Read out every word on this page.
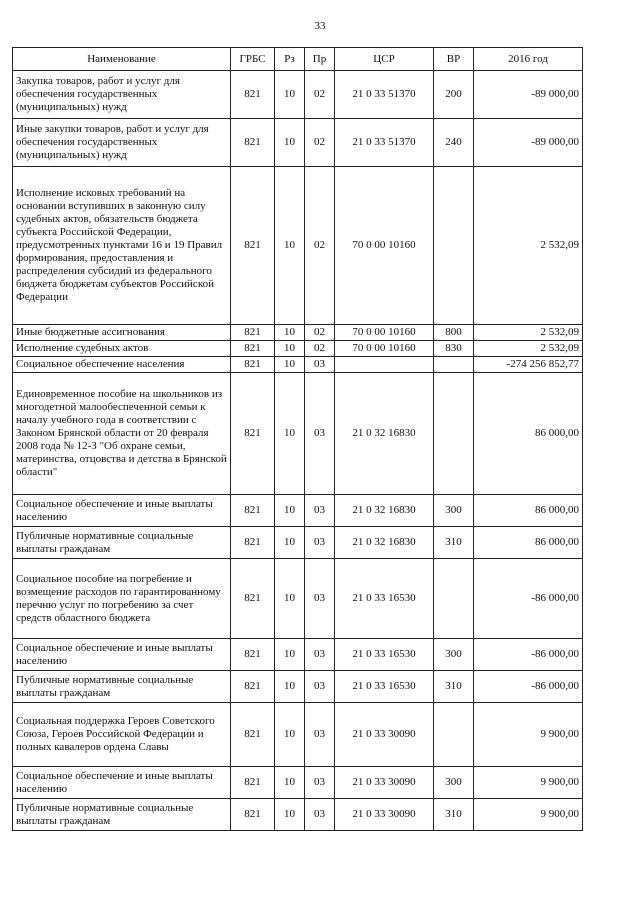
33
Наименование	ГРБС	Рз	Пр	ЦСР	ВР	2016 год
Закупка товаров, работ и услуг для обеспечения государственных (муниципальных) нужд	821	10	02	21 0 33 51370	200	-89 000,00
Иные закупки товаров, работ и услуг для обеспечения государственных (муниципальных) нужд	821	10	02	21 0 33 51370	240	-89 000,00
Исполнение исковых требований на основании вступивших в законную силу судебных актов, обязательств бюджета субъекта Российской Федерации, предусмотренных пунктами 16 и 19 Правил формирования, предоставления и распределения субсидий из федерального бюджета бюджетам субъектов Российской Федерации	821	10	02	70 0 00 10160		2 532,09
Иные бюджетные ассигнования	821	10	02	70 0 00 10160	800	2 532,09
Исполнение судебных актов	821	10	02	70 0 00 10160	830	2 532,09
Социальное обеспечение населения	821	10	03			-274 256 852,77
Единовременное пособие на школьников из многодетной малообеспеченной семьи к началу учебного года в соответствии с Законом Брянской области от 20 февраля 2008 года № 12-З "Об охране семьи, материнства, отцовства и детства в Брянской области"	821	10	03	21 0 32 16830		86 000,00
Социальное обеспечение и иные выплаты населению	821	10	03	21 0 32 16830	300	86 000,00
Публичные нормативные социальные выплаты гражданам	821	10	03	21 0 32 16830	310	86 000,00
Социальное пособие на погребение и возмещение расходов по гарантированному перечню услуг по погребению за счет средств областного бюджета	821	10	03	21 0 33 16530		-86 000,00
Социальное обеспечение и иные выплаты населению	821	10	03	21 0 33 16530	300	-86 000,00
Публичные нормативные социальные выплаты гражданам	821	10	03	21 0 33 16530	310	-86 000,00
Социальная поддержка Героев Советского Союза, Героев Российской Федерации и полных кавалеров ордена Славы	821	10	03	21 0 33 30090		9 900,00
Социальное обеспечение и иные выплаты населению	821	10	03	21 0 33 30090	300	9 900,00
Публичные нормативные социальные выплаты гражданам	821	10	03	21 0 33 30090	310	9 900,00
